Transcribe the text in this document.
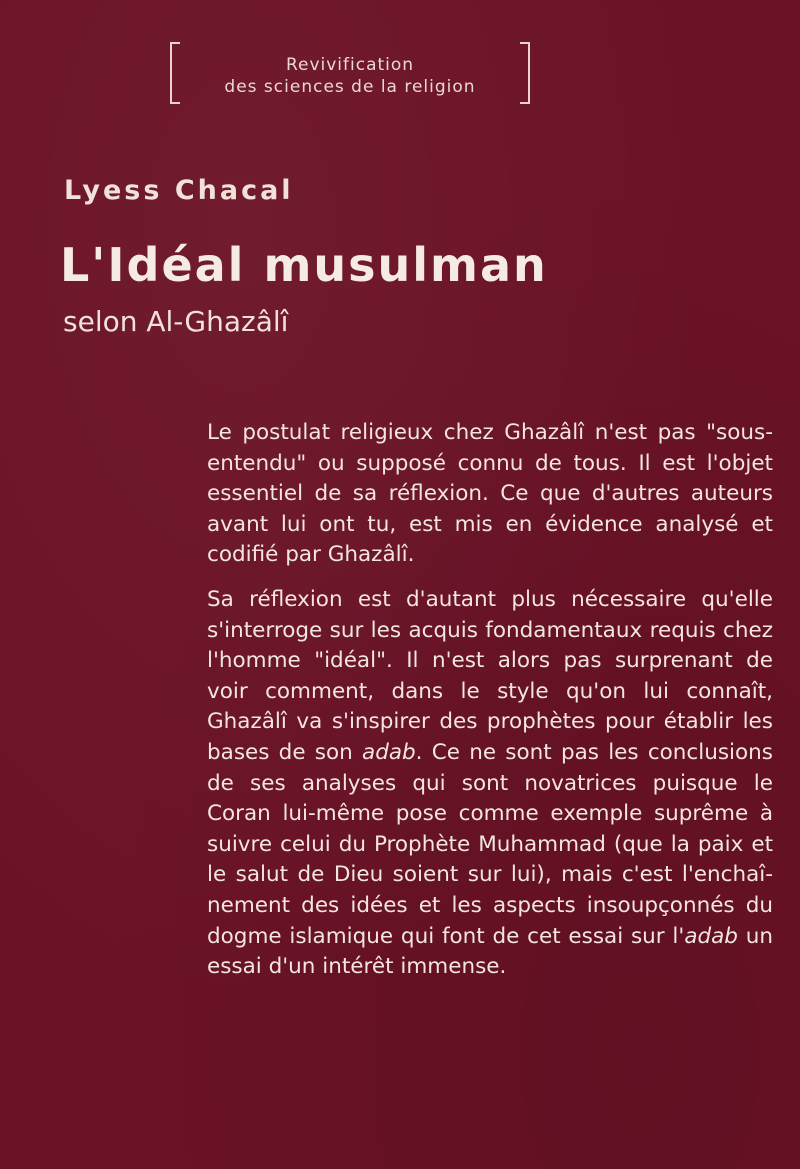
Revivification
des sciences de la religion
Lyess Chacal
L'Idéal musulman
selon Al-Ghazâlî

Le postulat religieux chez Ghazâlî n'est pas "sous-entendu" ou supposé connu de tous. Il est l'objet essentiel de sa réflexion. Ce que d'autres auteurs avant lui ont tu, est mis en évidence analysé et codifié par Ghazâlî.

Sa réflexion est d'autant plus nécessaire qu'elle s'interroge sur les acquis fondamentaux requis chez l'homme "idéal". Il n'est alors pas surprenant de voir comment, dans le style qu'on lui connaît, Ghazâlî va s'inspirer des prophètes pour établir les bases de son adab. Ce ne sont pas les conclusions de ses analyses qui sont novatrices puisque le Coran lui-même pose comme exemple suprême à suivre celui du Prophète Muhammad (que la paix et le salut de Dieu soient sur lui), mais c'est l'enchaînement des idées et les aspects insoupçonnés du dogme islamique qui font de cet essai sur l'adab un essai d'un intérêt immense.
